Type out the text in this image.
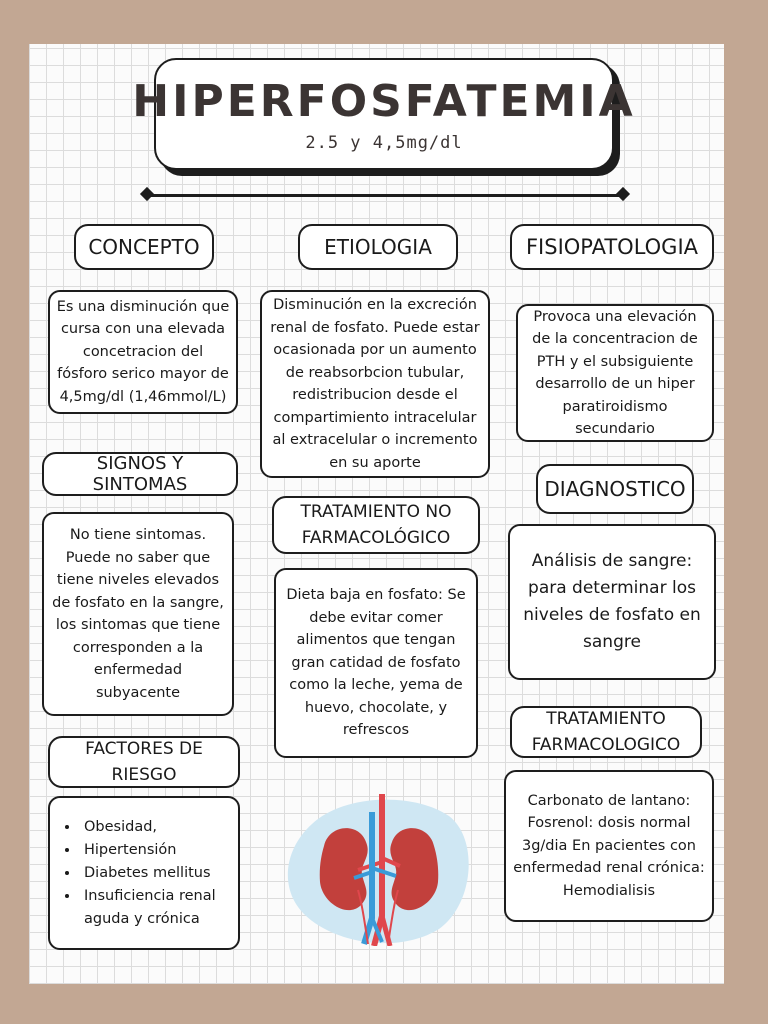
HIPERFOSFATEMIA
2.5 y 4,5mg/dl
CONCEPTO
Es una disminución que cursa con una elevada concetracion del fósforo serico mayor de 4,5mg/dl (1,46mmol/L)
SIGNOS Y SINTOMAS
No tiene sintomas. Puede no saber que tiene niveles elevados de fosfato en la sangre, los sintomas que tiene corresponden a la enfermedad subyacente
FACTORES DE RIESGO
• Obesidad,
• Hipertensión
• Diabetes mellitus
• Insuficiencia renal aguda y crónica
ETIOLOGIA
Disminución en la excreción renal de fosfato. Puede estar ocasionada por un aumento de reabsorbcion tubular, redistribucion desde el compartimiento intracelular al extracelular o incremento en su aporte
TRATAMIENTO NO FARMACOLÓGICO
Dieta baja en fosfato: Se debe evitar comer alimentos que tengan gran catidad de fosfato como la leche, yema de huevo, chocolate, y refrescos
FISIOPATOLOGIA
Provoca una elevación de la concentracion de PTH y el subsiguiente desarrollo de un hiper paratiroidismo secundario
DIAGNOSTICO
Análisis de sangre: para determinar los niveles de fosfato en sangre
TRATAMIENTO FARMACOLOGICO
Carbonato de lantano: Fosrenol: dosis normal 3g/dia En pacientes con enfermedad renal crónica: Hemodialisis
